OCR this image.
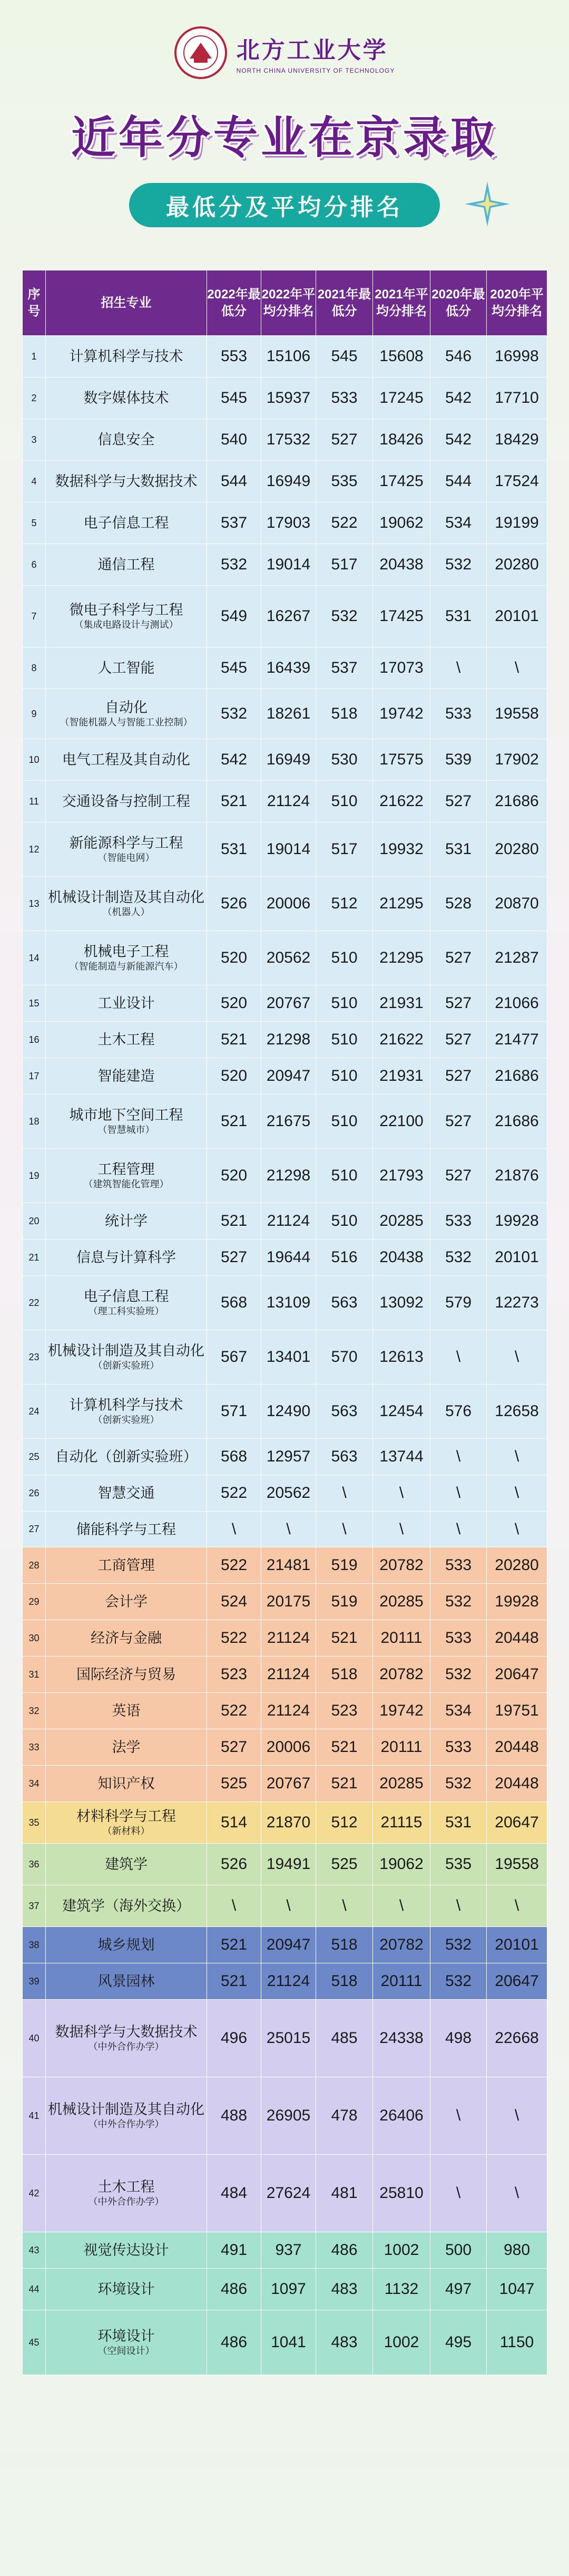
北方工业大学
NORTH CHINA UNIVERSITY OF TECHNOLOGY
近年分专业在京录取
最低分及平均分排名
序号	招生专业	2022年最低分	2022年平均分排名	2021年最低分	2021年平均分排名	2020年最低分	2020年平均分排名
1	计算机科学与技术	553	15106	545	15608	546	16998
2	数字媒体技术	545	15937	533	17245	542	17710
3	信息安全	540	17532	527	18426	542	18429
4	数据科学与大数据技术	544	16949	535	17425	544	17524
5	电子信息工程	537	17903	522	19062	534	19199
6	通信工程	532	19014	517	20438	532	20280
7	微电子科学与工程
（集成电路设计与测试）	549	16267	532	17425	531	20101
8	人工智能	545	16439	537	17073	\	\
9	自动化
（智能机器人与智能工业控制）	532	18261	518	19742	533	19558
10	电气工程及其自动化	542	16949	530	17575	539	17902
11	交通设备与控制工程	521	21124	510	21622	527	21686
12	新能源科学与工程
（智能电网）	531	19014	517	19932	531	20280
13	机械设计制造及其自动化
（机器人）	526	20006	512	21295	528	20870
14	机械电子工程
（智能制造与新能源汽车）	520	20562	510	21295	527	21287
15	工业设计	520	20767	510	21931	527	21066
16	土木工程	521	21298	510	21622	527	21477
17	智能建造	520	20947	510	21931	527	21686
18	城市地下空间工程
（智慧城市）	521	21675	510	22100	527	21686
19	工程管理
（建筑智能化管理）	520	21298	510	21793	527	21876
20	统计学	521	21124	510	20285	533	19928
21	信息与计算科学	527	19644	516	20438	532	20101
22	电子信息工程
（理工科实验班）	568	13109	563	13092	579	12273
23	机械设计制造及其自动化
（创新实验班）	567	13401	570	12613	\	\
24	计算机科学与技术
（创新实验班）	571	12490	563	12454	576	12658
25	自动化（创新实验班）	568	12957	563	13744	\	\
26	智慧交通	522	20562	\	\	\	\
27	储能科学与工程	\	\	\	\	\	\
28	工商管理	522	21481	519	20782	533	20280
29	会计学	524	20175	519	20285	532	19928
30	经济与金融	522	21124	521	20111	533	20448
31	国际经济与贸易	523	21124	518	20782	532	20647
32	英语	522	21124	523	19742	534	19751
33	法学	527	20006	521	20111	533	20448
34	知识产权	525	20767	521	20285	532	20448
35	材料科学与工程
（新材料）	514	21870	512	21115	531	20647
36	建筑学	526	19491	525	19062	535	19558
37	建筑学（海外交换）	\	\	\	\	\	\
38	城乡规划	521	20947	518	20782	532	20101
39	风景园林	521	21124	518	20111	532	20647
40	数据科学与大数据技术
（中外合作办学）	496	25015	485	24338	498	22668
41	机械设计制造及其自动化
（中外合作办学）	488	26905	478	26406	\	\
42	土木工程
（中外合作办学）	484	27624	481	25810	\	\
43	视觉传达设计	491	937	486	1002	500	980
44	环境设计	486	1097	483	1132	497	1047
45	环境设计
（空间设计）	486	1041	483	1002	495	1150
